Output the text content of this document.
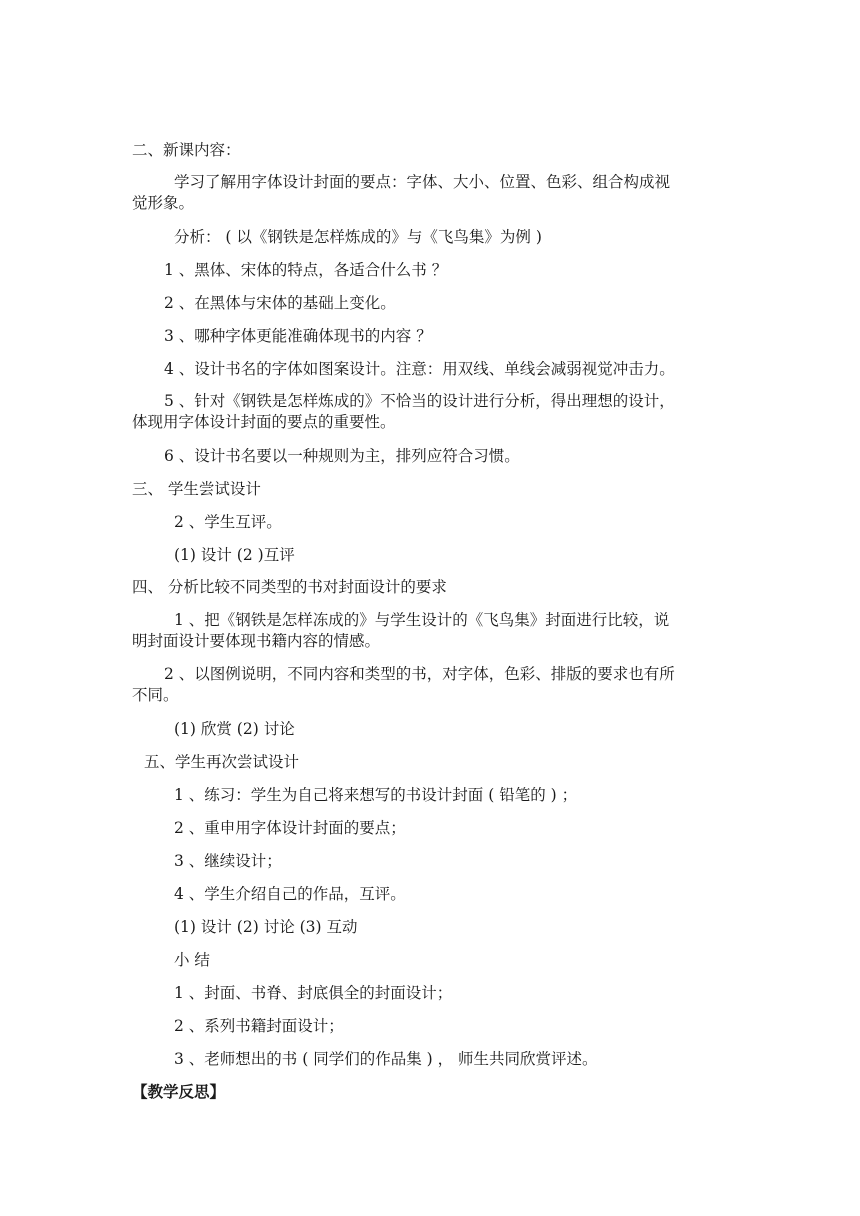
二、新课内容：
学习了解用字体设计封面的要点：字体、大小、位置、色彩、组合构成视
觉形象。
分析： ( 以《钢铁是怎样炼成的》与《飞鸟集》为例 )
1 、黑体、宋体的特点，各适合什么书 ？
2 、在黑体与宋体的基础上变化。
3 、哪种字体更能准确体现书的内容 ？
4 、设计书名的字体如图案设计。注意：用双线、单线会减弱视觉冲击力。
5 、针对《钢铁是怎样炼成的》不恰当的设计进行分析，得出理想的设计，
体现用字体设计封面的要点的重要性。
6 、设计书名要以一种规则为主，排列应符合习惯。
三、 学生尝试设计
2 、学生互评。
(1) 设计 (2 )互评
四、 分析比较不同类型的书对封面设计的要求
1 、把《钢铁是怎样冻成的》与学生设计的《飞鸟集》封面进行比较，说
明封面设计要体现书籍内容的情感。
2 、以图例说明，不同内容和类型的书，对字体，色彩、排版的要求也有所
不同。
(1) 欣赏 (2) 讨论
五、学生再次尝试设计
1 、练习：学生为自己将来想写的书设计封面 ( 铅笔的 ) ；
2 、重申用字体设计封面的要点；
3 、继续设计；
4 、学生介绍自己的作品，互评。
(1) 设计 (2) 讨论 (3) 互动
小 结
1 、封面、书脊、封底俱全的封面设计；
2 、系列书籍封面设计；
3 、老师想出的书 ( 同学们的作品集 ) ， 师生共同欣赏评述。
【教学反思】
